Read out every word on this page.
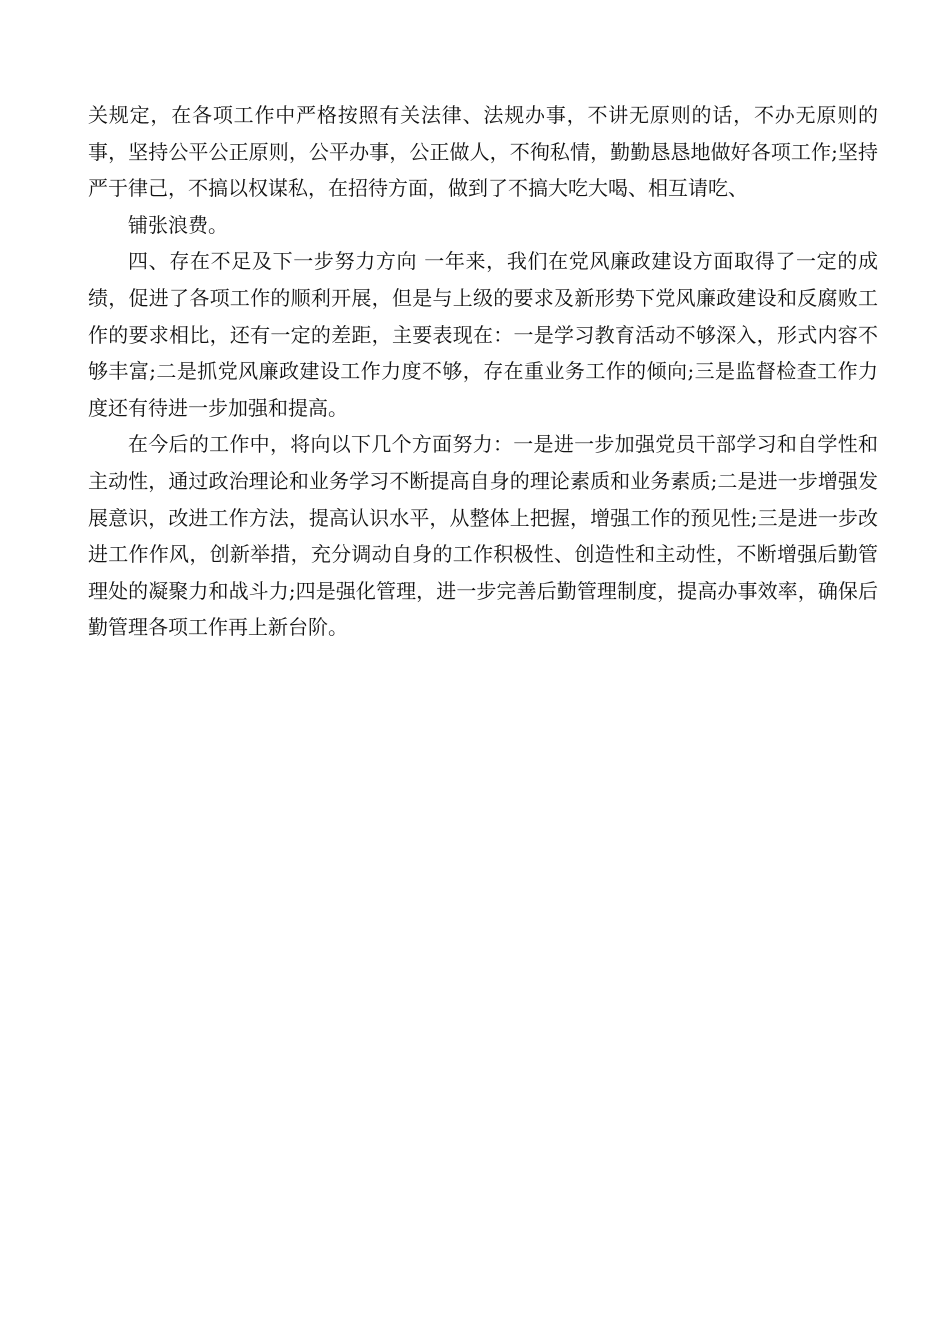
关规定，在各项工作中严格按照有关法律、法规办事，不讲无原则的话，不办无原则的事，坚持公平公正原则，公平办事，公正做人，不徇私情，勤勤恳恳地做好各项工作;坚持严于律己，不搞以权谋私，在招待方面，做到了不搞大吃大喝、相互请吃、

铺张浪费。

四、存在不足及下一步努力方向 一年来，我们在党风廉政建设方面取得了一定的成绩，促进了各项工作的顺利开展，但是与上级的要求及新形势下党风廉政建设和反腐败工作的要求相比，还有一定的差距，主要表现在：一是学习教育活动不够深入，形式内容不够丰富;二是抓党风廉政建设工作力度不够，存在重业务工作的倾向;三是监督检查工作力度还有待进一步加强和提高。

在今后的工作中，将向以下几个方面努力：一是进一步加强党员干部学习和自学性和主动性，通过政治理论和业务学习不断提高自身的理论素质和业务素质;二是进一步增强发展意识，改进工作方法，提高认识水平，从整体上把握，增强工作的预见性;三是进一步改进工作作风，创新举措，充分调动自身的工作积极性、创造性和主动性，不断增强后勤管理处的凝聚力和战斗力;四是强化管理，进一步完善后勤管理制度，提高办事效率，确保后勤管理各项工作再上新台阶。
